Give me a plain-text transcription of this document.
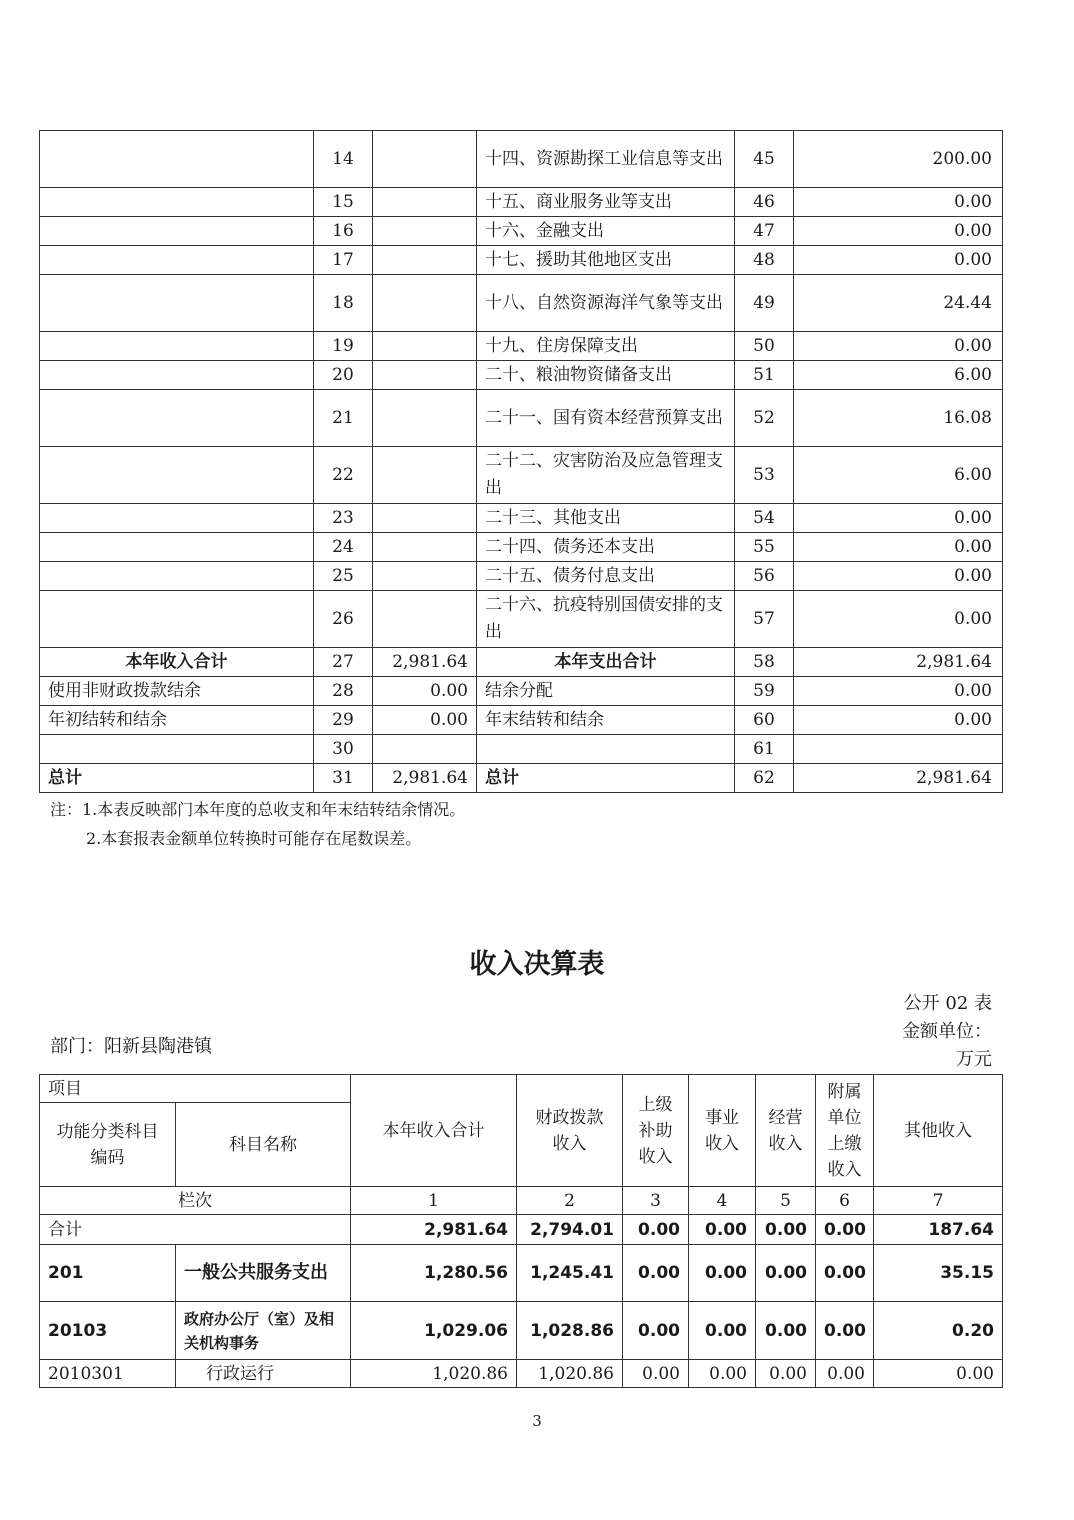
	14		十四、资源勘探工业信息等支出	45	200.00
	15		十五、商业服务业等支出	46	0.00
	16		十六、金融支出	47	0.00
	17		十七、援助其他地区支出	48	0.00
	18		十八、自然资源海洋气象等支出	49	24.44
	19		十九、住房保障支出	50	0.00
	20		二十、粮油物资储备支出	51	6.00
	21		二十一、国有资本经营预算支出	52	16.08
	22		二十二、灾害防治及应急管理支出	53	6.00
	23		二十三、其他支出	54	0.00
	24		二十四、债务还本支出	55	0.00
	25		二十五、债务付息支出	56	0.00
	26		二十六、抗疫特别国债安排的支出	57	0.00
本年收入合计	27	2,981.64	本年支出合计	58	2,981.64
使用非财政拨款结余	28	0.00	结余分配	59	0.00
年初结转和结余	29	0.00	年末结转和结余	60	0.00
	30			61	
总计	31	2,981.64	总计	62	2,981.64
注：1.本表反映部门本年度的总收支和年末结转结余情况。
2.本套报表金额单位转换时可能存在尾数误差。
收入决算表
公开 02 表
金额单位：
万元
部门：阳新县陶港镇
项目		本年收入合计	财政拨款收入	上级补助收入	事业收入	经营收入	附属单位上缴收入	其他收入

功能分类科目编码	科目名称							
栏次		1	2	3	4	5	6	7
合计		2,981.64	2,794.01	0.00	0.00	0.00	0.00	187.64
201	一般公共服务支出	1,280.56	1,245.41	0.00	0.00	0.00	0.00	35.15
20103	政府办公厅（室）及相关机构事务	1,029.06	1,028.86	0.00	0.00	0.00	0.00	0.20
2010301	行政运行	1,020.86	1,020.86	0.00	0.00	0.00	0.00	0.00
3
